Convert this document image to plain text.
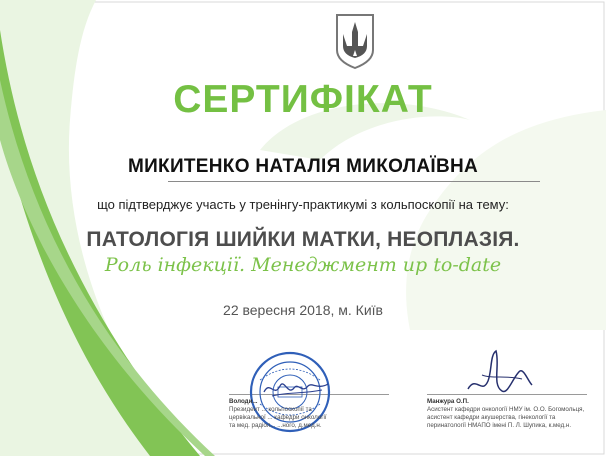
СЕРТИФІКАТ
МИКИТЕНКО НАТАЛІЯ МИКОЛАЇВНА
що підтверджує участь у тренінгу-практикумі з кольпоскопії на тему:
ПАТОЛОГІЯ ШИЙКИ МАТКИ, НЕОПЛАЗІЯ.
Роль інфекції. Менеджмент up to-date
22 вересня 2018, м. Київ
Володи...
Президент ... кольпоскопії та
цервікальної ... кафедри онкології
та мед. радіол... ...ного, д.мед.н.
Манжура О.П.
Асистент кафедри онкології НМУ ім. О.О. Богомольця,
асистент кафедри акушерства, гінекології та
перинатології НМАПО імені П. Л. Шупика, к.мед.н.
